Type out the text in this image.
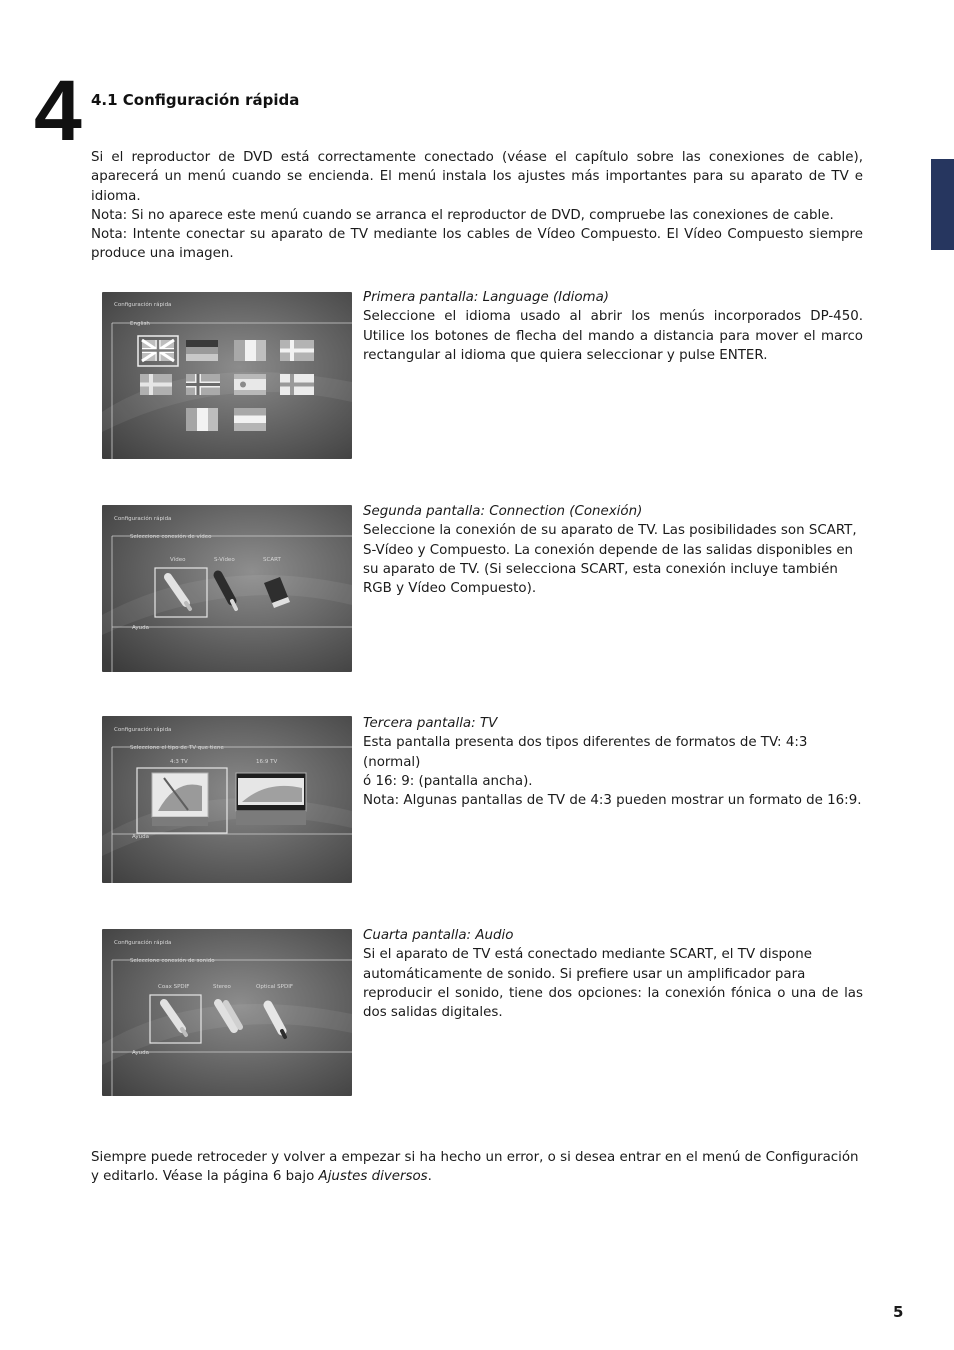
4 4.1 Configuración rápida

Si el reproductor de DVD está correctamente conectado (véase el capítulo sobre las conexiones de cable), aparecerá un menú cuando se encienda. El menú instala los ajustes más importantes para su aparato de TV e idioma.

Nota: Si no aparece este menú cuando se arranca el reproductor de DVD, compruebe las conexiones de cable.

Nota: Intente conectar su aparato de TV mediante los cables de Vídeo Compuesto. El Vídeo Compuesto siempre produce una imagen.

Configuración rápida
English

Primera pantalla: Language (Idioma)

Seleccione el idioma usado al abrir los menús incorporados DP-450. Utilice los botones de flecha del mando a distancia para mover el marco rectangular al idioma que quiera seleccionar y pulse ENTER.

Configuración rápida
Seleccione conexión de vídeo
Vídeo	S-Vídeo	SCART
Ayuda

Segunda pantalla: Connection (Conexión)

Seleccione la conexión de su aparato de TV. Las posibilidades son SCART, S-Vídeo y Compuesto. La conexión depende de las salidas disponibles en su aparato de TV. (Si selecciona SCART, esta conexión incluye también RGB y Vídeo Compuesto).

Configuración rápida
Seleccione el tipo de TV que tiene
4:3 TV	16:9 TV
Ayuda

Tercera pantalla: TV

Esta pantalla presenta dos tipos diferentes de formatos de TV: 4:3 (normal)

ó 16: 9: (pantalla ancha).

Nota: Algunas pantallas de TV de 4:3 pueden mostrar un formato de 16:9.

Configuración rápida
Seleccione conexión de sonido
Coax SPDIF	Stereo	Optical SPDIF
Ayuda

Cuarta pantalla: Audio

Si el aparato de TV está conectado mediante SCART, el TV dispone

automáticamente de sonido. Si prefiere usar un amplificador para

reproducir el sonido, tiene dos opciones: la conexión fónica o una de las dos salidas digitales.

Siempre puede retroceder y volver a empezar si ha hecho un error, o si desea entrar en el menú de Configuración y editarlo. Véase la página 6 bajo Ajustes diversos.

5
